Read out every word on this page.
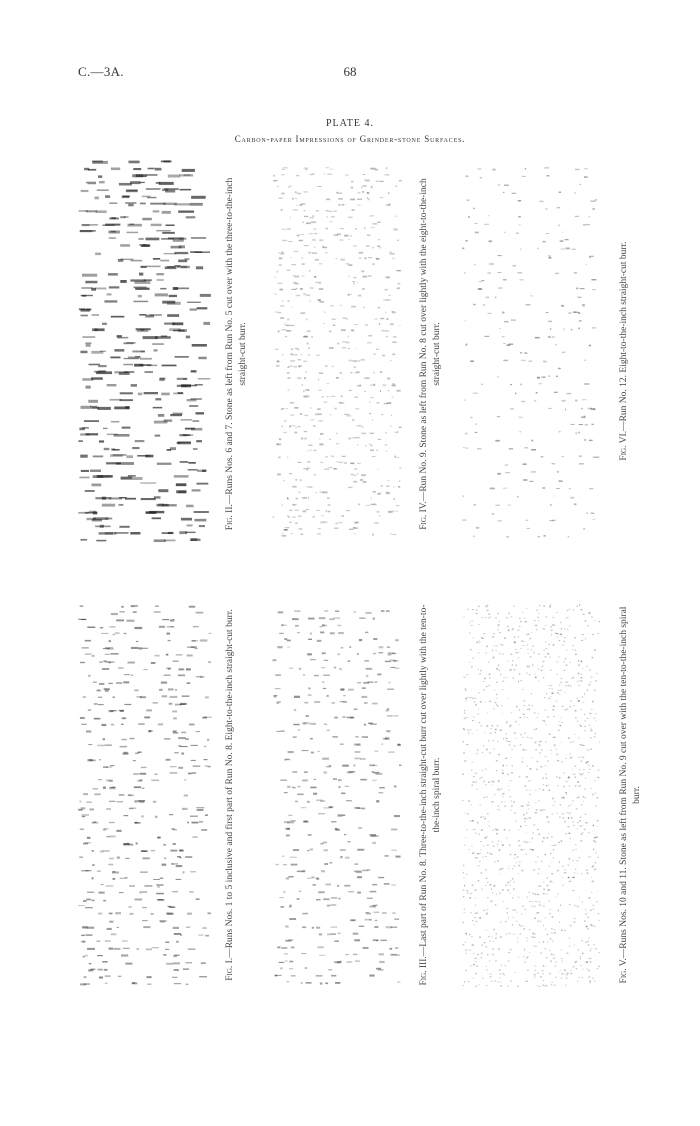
C.—3A.	68
PLATE 4.
Carbon-paper Impressions of Grinder-stone Surfaces.
Fig. II.—Runs Nos. 6 and 7. Stone as left from Run No. 5 cut over with the three-to-the-inch straight-cut burr.
Fig. IV.—Run No. 9. Stone as left from Run No. 8 cut over lightly with the eight-to-the-inch straight-cut burr.
Fig. VI.—Run No. 12. Eight-to-the-inch straight-cut burr.
Fig. I.—Runs Nos. 1 to 5 inclusive and first part of Run No. 8. Eight-to-the-inch straight-cut burr.
Fig. III.—Last part of Run No. 8. Three-to-the-inch straight-cut burr cut over lightly with the ten-to-the-inch spiral burr.
Fig. V.—Runs Nos. 10 and 11. Stone as left from Run No. 9 cut over with the ten-to-the-inch spiral burr.
